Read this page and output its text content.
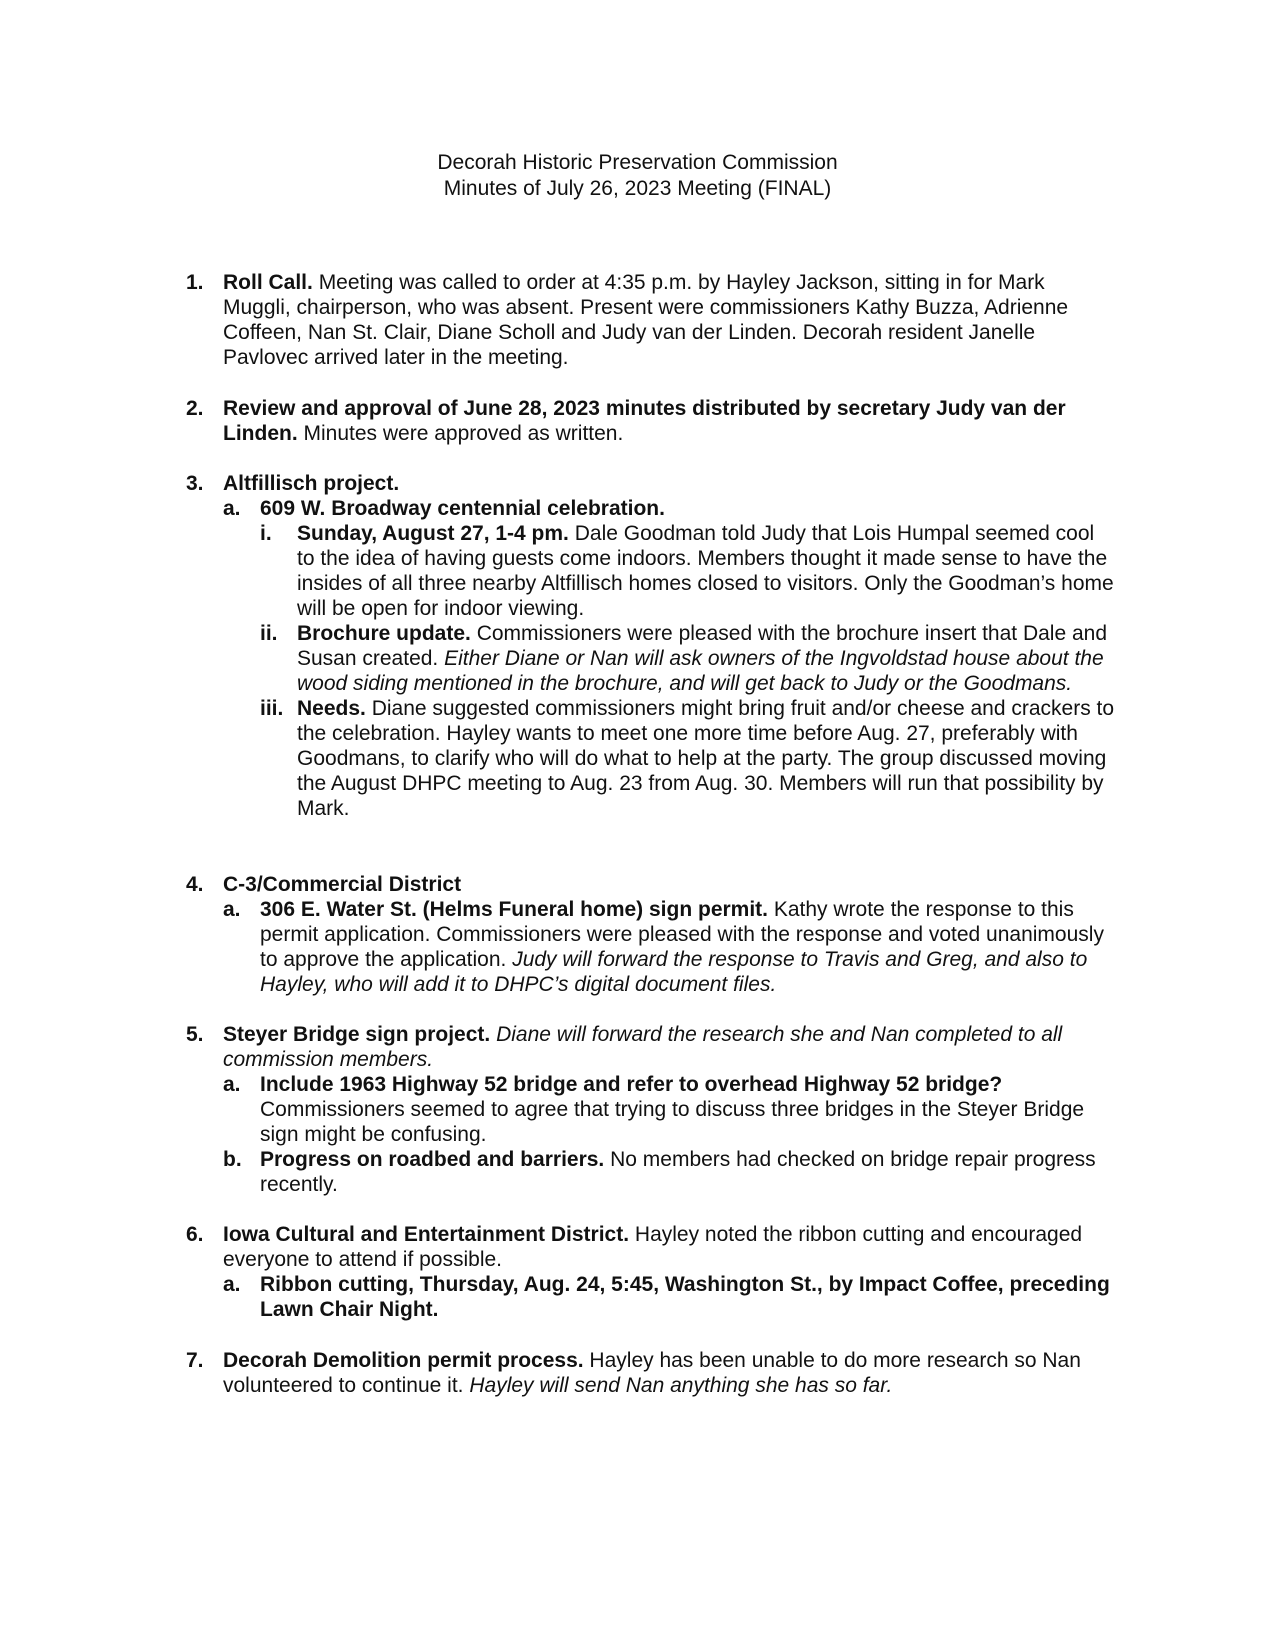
Decorah Historic Preservation Commission
Minutes of July 26, 2023 Meeting (FINAL)
1. Roll Call. Meeting was called to order at 4:35 p.m. by Hayley Jackson, sitting in for Mark Muggli, chairperson, who was absent. Present were commissioners Kathy Buzza, Adrienne Coffeen, Nan St. Clair, Diane Scholl and Judy van der Linden. Decorah resident Janelle Pavlovec arrived later in the meeting.
2. Review and approval of June 28, 2023 minutes distributed by secretary Judy van der Linden. Minutes were approved as written.
3. Altfillisch project.
a. 609 W. Broadway centennial celebration.
i.	Sunday, August 27, 1-4 pm. Dale Goodman told Judy that Lois Humpal seemed cool to the idea of having guests come indoors. Members thought it made sense to have the insides of all three nearby Altfillisch homes closed to visitors. Only the Goodman’s home will be open for indoor viewing.
ii. Brochure update. Commissioners were pleased with the brochure insert that Dale and Susan created. Either Diane or Nan will ask owners of the Ingvoldstad house about the wood siding mentioned in the brochure, and will get back to Judy or the Goodmans.
iii. Needs. Diane suggested commissioners might bring fruit and/or cheese and crackers to the celebration. Hayley wants to meet one more time before Aug. 27, preferably with Goodmans, to clarify who will do what to help at the party. The group discussed moving the August DHPC meeting to Aug. 23 from Aug. 30. Members will run that possibility by Mark.
4. C-3/Commercial District
a. 306 E. Water St. (Helms Funeral home) sign permit. Kathy wrote the response to this permit application. Commissioners were pleased with the response and voted unanimously to approve the application. Judy will forward the response to Travis and Greg, and also to Hayley, who will add it to DHPC’s digital document files.
5. Steyer Bridge sign project. Diane will forward the research she and Nan completed to all commission members.
a. Include 1963 Highway 52 bridge and refer to overhead Highway 52 bridge? Commissioners seemed to agree that trying to discuss three bridges in the Steyer Bridge sign might be confusing.
b. Progress on roadbed and barriers. No members had checked on bridge repair progress recently.
6. Iowa Cultural and Entertainment District. Hayley noted the ribbon cutting and encouraged everyone to attend if possible.
a. Ribbon cutting, Thursday, Aug. 24, 5:45, Washington St., by Impact Coffee, preceding Lawn Chair Night.
7. Decorah Demolition permit process. Hayley has been unable to do more research so Nan volunteered to continue it. Hayley will send Nan anything she has so far.
